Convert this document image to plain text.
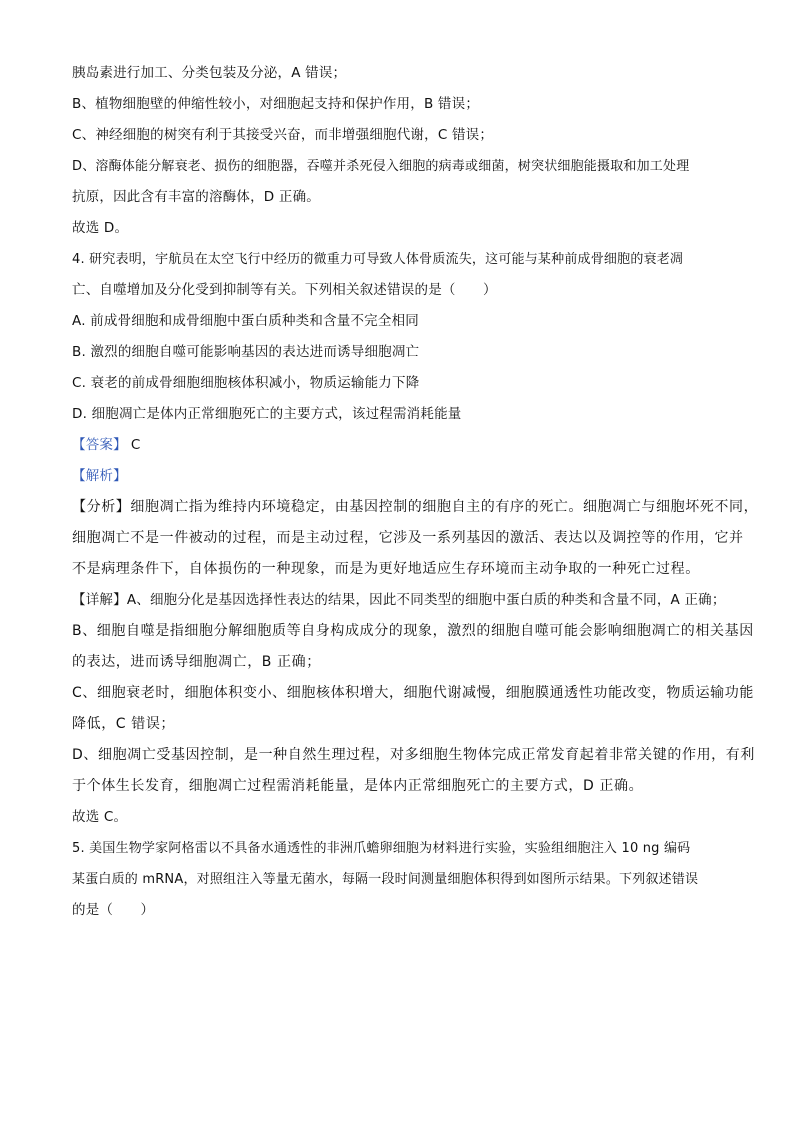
胰岛素进行加工、分类包装及分泌，A 错误；
B、植物细胞壁的伸缩性较小，对细胞起支持和保护作用，B 错误；
C、神经细胞的树突有利于其接受兴奋，而非增强细胞代谢，C 错误；
D、溶酶体能分解衰老、损伤的细胞器，吞噬并杀死侵入细胞的病毒或细菌，树突状细胞能摄取和加工处理
抗原，因此含有丰富的溶酶体，D 正确。
故选 D。
4. 研究表明，宇航员在太空飞行中经历的微重力可导致人体骨质流失，这可能与某种前成骨细胞的衰老凋
亡、自噬增加及分化受到抑制等有关。下列相关叙述错误的是（　　）
A. 前成骨细胞和成骨细胞中蛋白质种类和含量不完全相同
B. 激烈的细胞自噬可能影响基因的表达进而诱导细胞凋亡
C. 衰老的前成骨细胞细胞核体积减小，物质运输能力下降
D. 细胞凋亡是体内正常细胞死亡的主要方式，该过程需消耗能量
【答案】 C
【解析】
【分析】细胞凋亡指为维持内环境稳定，由基因控制的细胞自主的有序的死亡。细胞凋亡与细胞坏死不同，
细胞凋亡不是一件被动的过程，而是主动过程，它涉及一系列基因的激活、表达以及调控等的作用，它并
不是病理条件下，自体损伤的一种现象，而是为更好地适应生存环境而主动争取的一种死亡过程。
【详解】A、细胞分化是基因选择性表达的结果，因此不同类型的细胞中蛋白质的种类和含量不同，A 正确；
B、细胞自噬是指细胞分解细胞质等自身构成成分的现象，激烈的细胞自噬可能会影响细胞凋亡的相关基因
的表达，进而诱导细胞凋亡，B 正确；
C、细胞衰老时，细胞体积变小、细胞核体积增大，细胞代谢减慢，细胞膜通透性功能改变，物质运输功能
降低，C 错误；
D、细胞凋亡受基因控制，是一种自然生理过程，对多细胞生物体完成正常发育起着非常关键的作用，有利
于个体生长发育，细胞凋亡过程需消耗能量，是体内正常细胞死亡的主要方式，D 正确。
故选 C。
5. 美国生物学家阿格雷以不具备水通透性的非洲爪蟾卵细胞为材料进行实验，实验组细胞注入 10 ng 编码
某蛋白质的 mRNA，对照组注入等量无菌水，每隔一段时间测量细胞体积得到如图所示结果。下列叙述错误
的是（　　）
